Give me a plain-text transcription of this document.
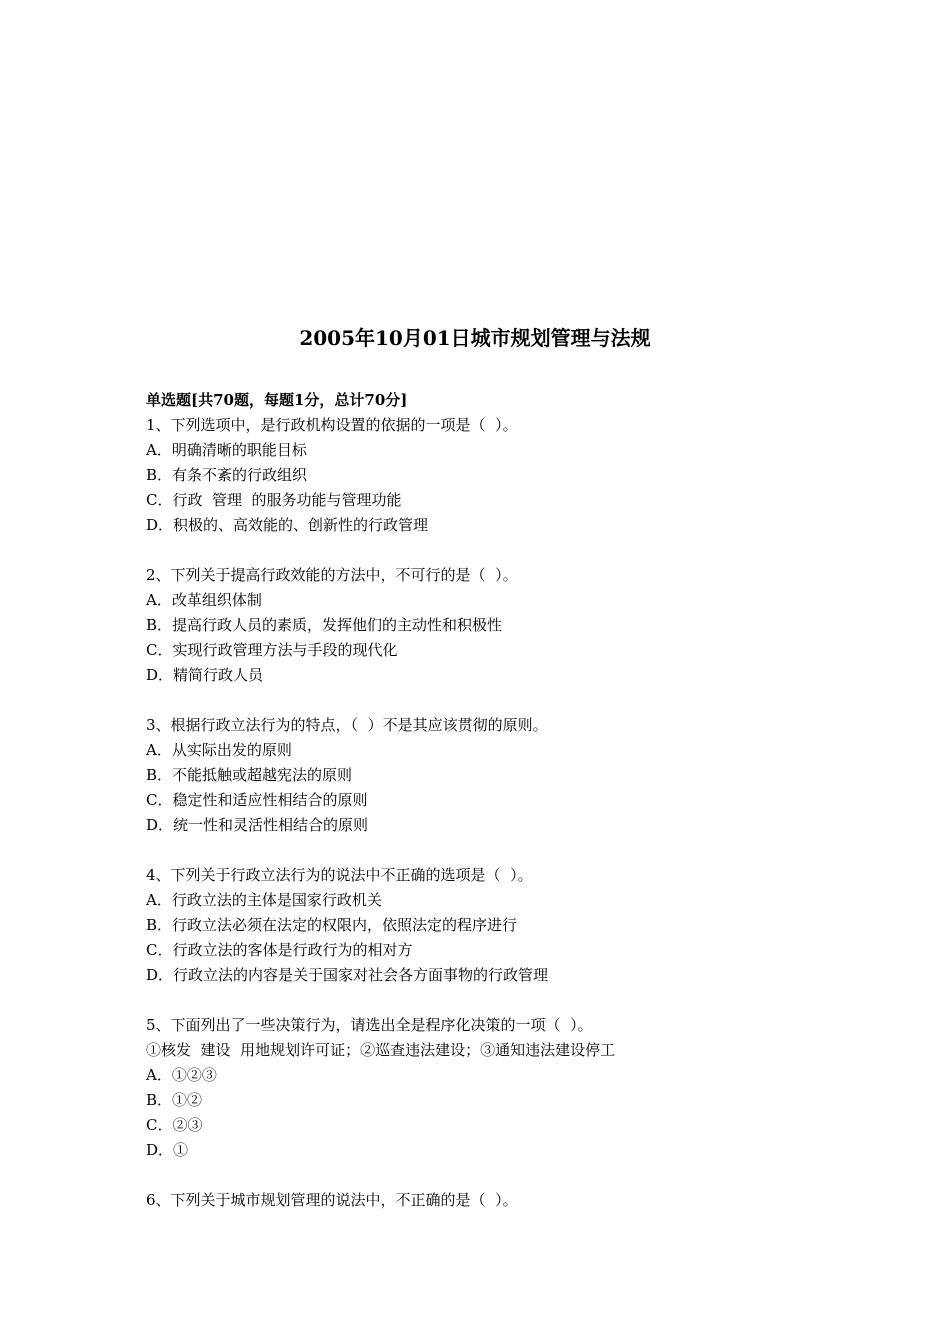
2005年10月01日城市规划管理与法规
单选题[共70题，每题1分，总计70分]
1、下列选项中，是行政机构设置的依据的一项是（  ）。
A．明确清晰的职能目标
B．有条不紊的行政组织
C．行政  管理  的服务功能与管理功能
D．积极的、高效能的、创新性的行政管理
2、下列关于提高行政效能的方法中，不可行的是（  ）。
A．改革组织体制
B．提高行政人员的素质，发挥他们的主动性和积极性
C．实现行政管理方法与手段的现代化
D．精简行政人员
3、根据行政立法行为的特点，（  ）不是其应该贯彻的原则。
A．从实际出发的原则
B．不能抵触或超越宪法的原则
C．稳定性和适应性相结合的原则
D．统一性和灵活性相结合的原则
4、下列关于行政立法行为的说法中不正确的选项是（  ）。
A．行政立法的主体是国家行政机关
B．行政立法必须在法定的权限内，依照法定的程序进行
C．行政立法的客体是行政行为的相对方
D．行政立法的内容是关于国家对社会各方面事物的行政管理
5、下面列出了一些决策行为，请选出全是程序化决策的一项（  ）。
①核发  建设  用地规划许可证；②巡查违法建设；③通知违法建设停工
A．①②③
B．①②
C．②③
D．①
6、下列关于城市规划管理的说法中，不正确的是（  ）。
